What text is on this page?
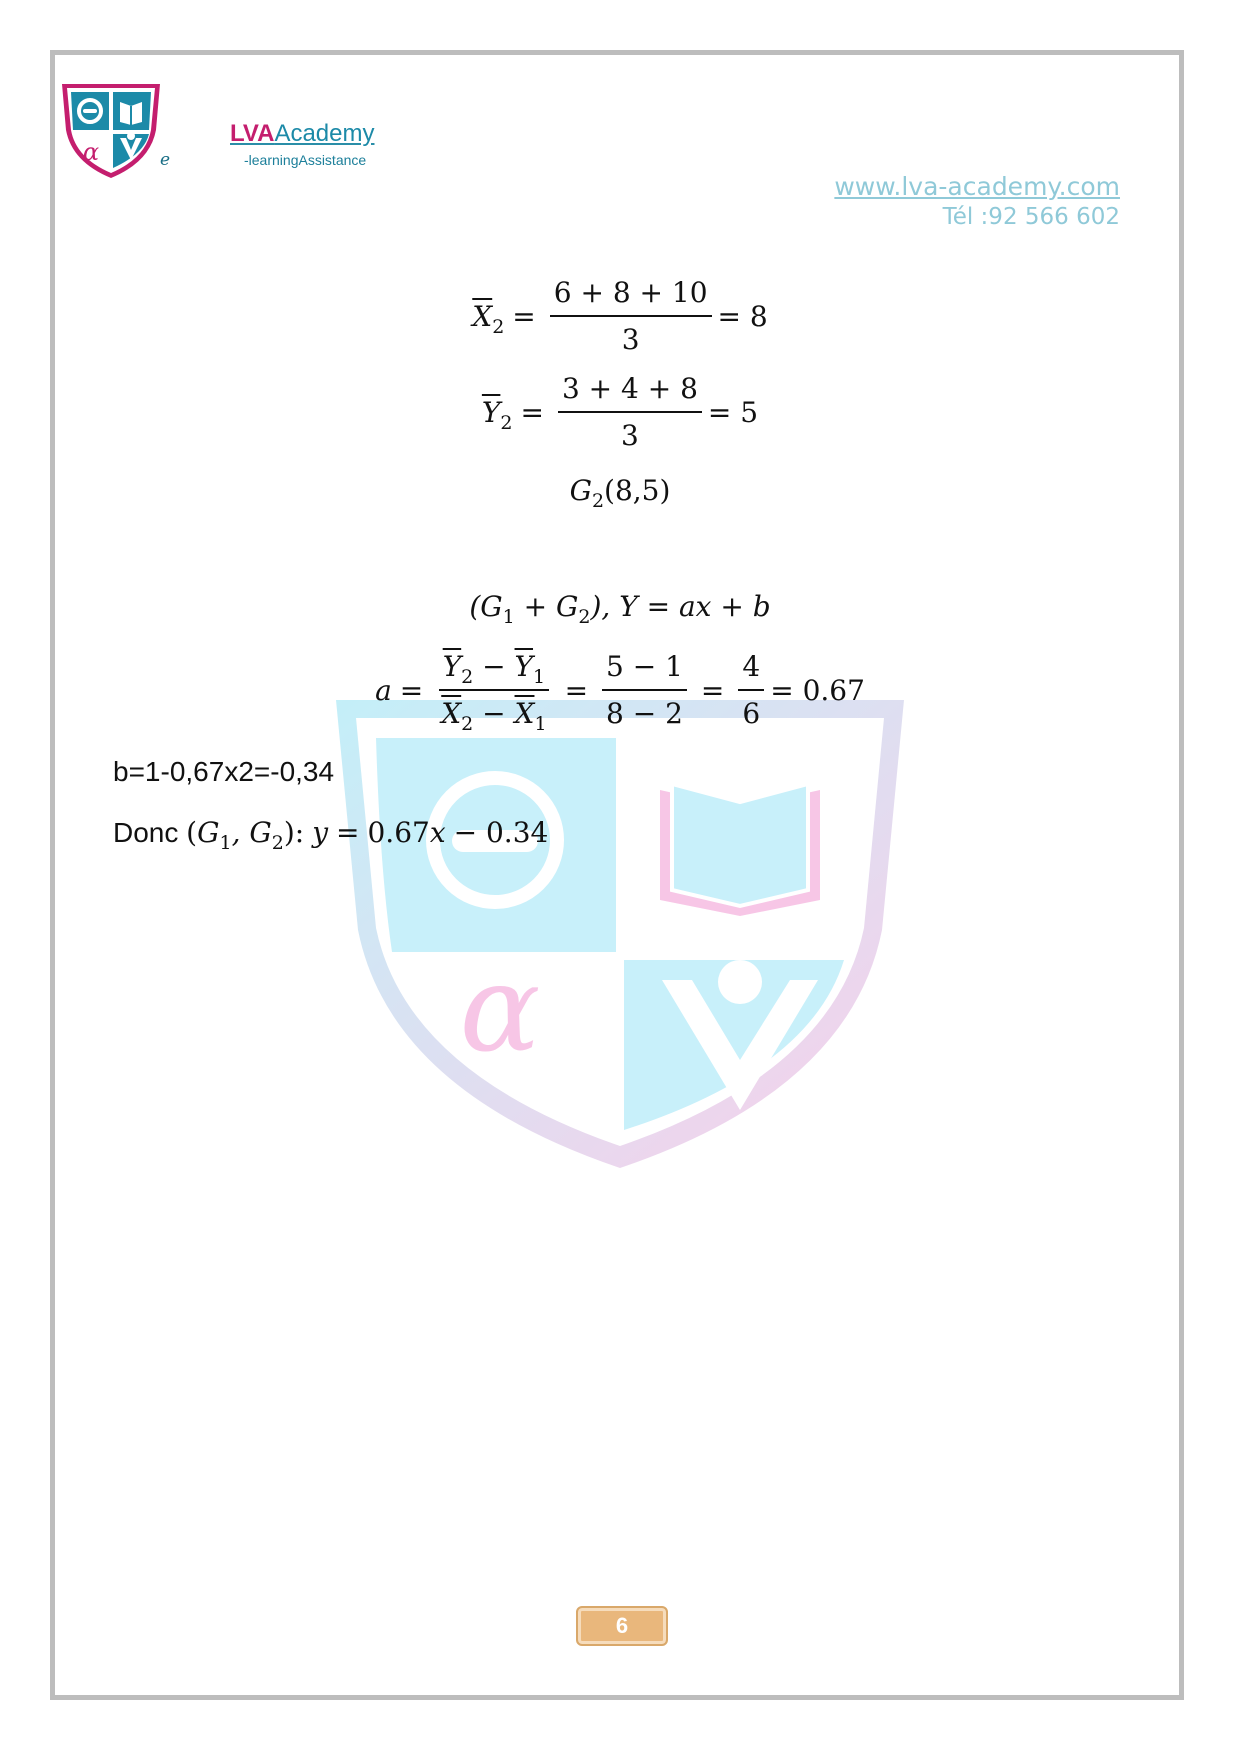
α	e
LVAAcademy
-learningAssistance
www.lva-academy.com
Tél :92 566 602
α
$\overline{X}_2 = \frac{6 + 8 + 10}{3} = 8$
$\overline{Y}_2 = \frac{3 + 4 + 8}{3} = 5$
$G_2$ (8,5)
$(G_1 + G_2)$, Y = ax + b
$a = \frac{\overline{Y}_2 - \overline{Y}_1}{\overline{X}_2 - \overline{X}_1} = \frac{5 - 1}{8 - 2} = \frac{4}{6} = 0.67$
b=1-0,67x2=-0,34
Donc ($G_1$, $G_2$): y = 0.67x − 0.34
6
